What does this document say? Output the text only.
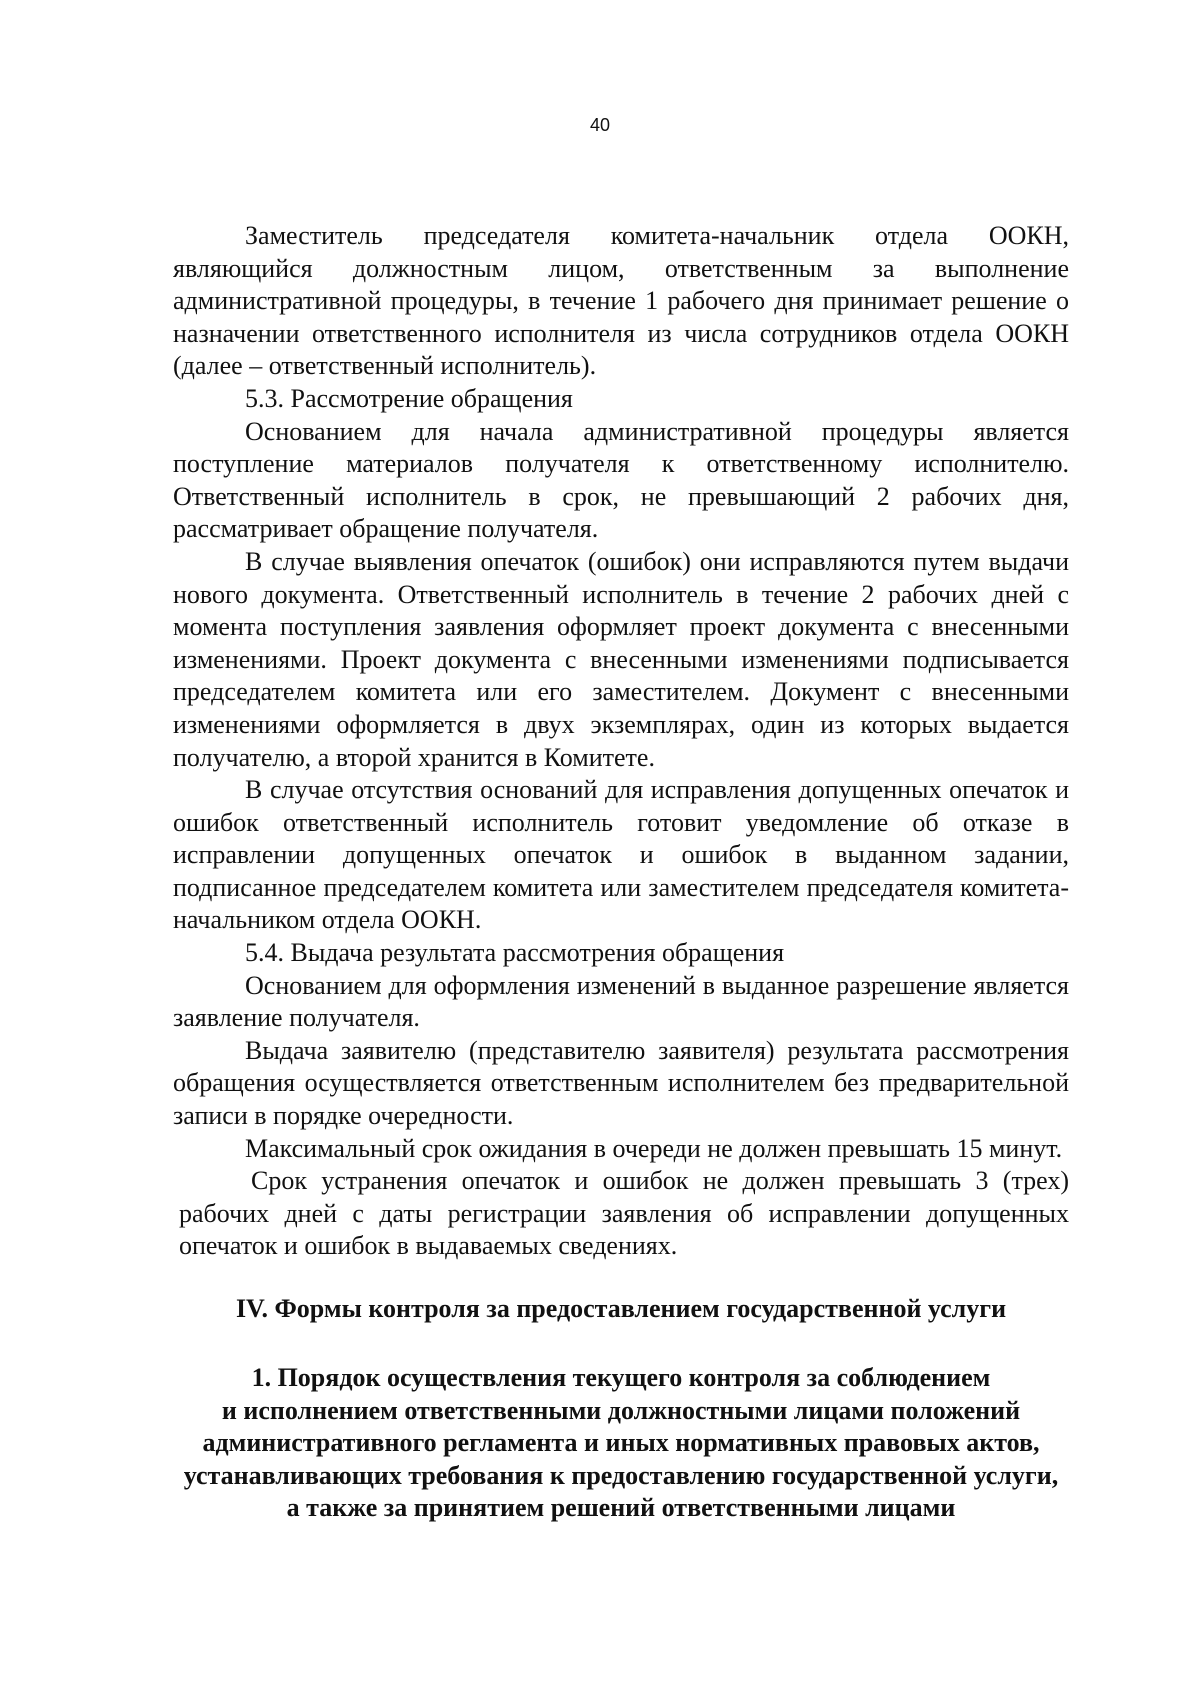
40

Заместитель председателя комитета-начальник отдела ООКН, являющийся должностным лицом, ответственным за выполнение административной процедуры, в течение 1 рабочего дня принимает решение о назначении ответственного исполнителя из числа сотрудников отдела ООКН (далее – ответственный исполнитель).

5.3. Рассмотрение обращения

Основанием для начала административной процедуры является поступление материалов получателя к ответственному исполнителю. Ответственный исполнитель в срок, не превышающий 2 рабочих дня, рассматривает обращение получателя.

В случае выявления опечаток (ошибок) они исправляются путем выдачи нового документа. Ответственный исполнитель в течение 2 рабочих дней с момента поступления заявления оформляет проект документа с внесенными изменениями. Проект документа с внесенными изменениями подписывается председателем комитета или его заместителем. Документ с внесенными изменениями оформляется в двух экземплярах, один из которых выдается получателю, а второй хранится в Комитете.

В случае отсутствия оснований для исправления допущенных опечаток и ошибок ответственный исполнитель готовит уведомление об отказе в исправлении допущенных опечаток и ошибок в выданном задании, подписанное председателем комитета или заместителем председателя комитета-начальником отдела ООКН.

5.4. Выдача результата рассмотрения обращения

Основанием для оформления изменений в выданное разрешение является заявление получателя.

Выдача заявителю (представителю заявителя) результата рассмотрения обращения осуществляется ответственным исполнителем без предварительной записи в порядке очередности.

Максимальный срок ожидания в очереди не должен превышать 15 минут.

Срок устранения опечаток и ошибок не должен превышать 3 (трех) рабочих дней с даты регистрации заявления об исправлении допущенных опечаток и ошибок в выдаваемых сведениях.

IV. Формы контроля за предоставлением государственной услуги
1. Порядок осуществления текущего контроля за соблюдением
и исполнением ответственными должностными лицами положений
административного регламента и иных нормативных правовых актов,
устанавливающих требования к предоставлению государственной услуги,
а также за принятием решений ответственными лицами
